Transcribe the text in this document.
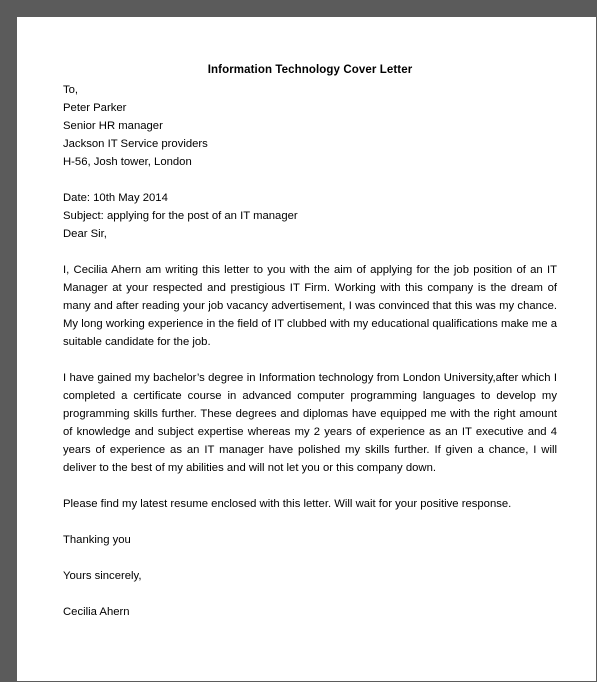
Information Technology Cover Letter
To,
Peter Parker
Senior HR manager
Jackson IT Service providers
H-56, Josh tower, London
Date: 10th May 2014
Subject: applying for the post of an IT manager
Dear Sir,

I, Cecilia Ahern am writing this letter to you with the aim of applying for the job position of an IT Manager at your respected and prestigious IT Firm. Working with this company is the dream of many and after reading your job vacancy advertisement, I was convinced that this was my chance. My long working experience in the field of IT clubbed with my educational qualifications make me a suitable candidate for the job.

I have gained my bachelor’s degree in Information technology from London University,after which I completed a certificate course in advanced computer programming languages to develop my programming skills further. These degrees and diplomas have equipped me with the right amount of knowledge and subject expertise whereas my 2 years of experience as an IT executive and 4 years of experience as an IT manager have polished my skills further. If given a chance, I will deliver to the best of my abilities and will not let you or this company down.

Please find my latest resume enclosed with this letter. Will wait for your positive response.

Thanking you
Yours sincerely,
Cecilia Ahern
